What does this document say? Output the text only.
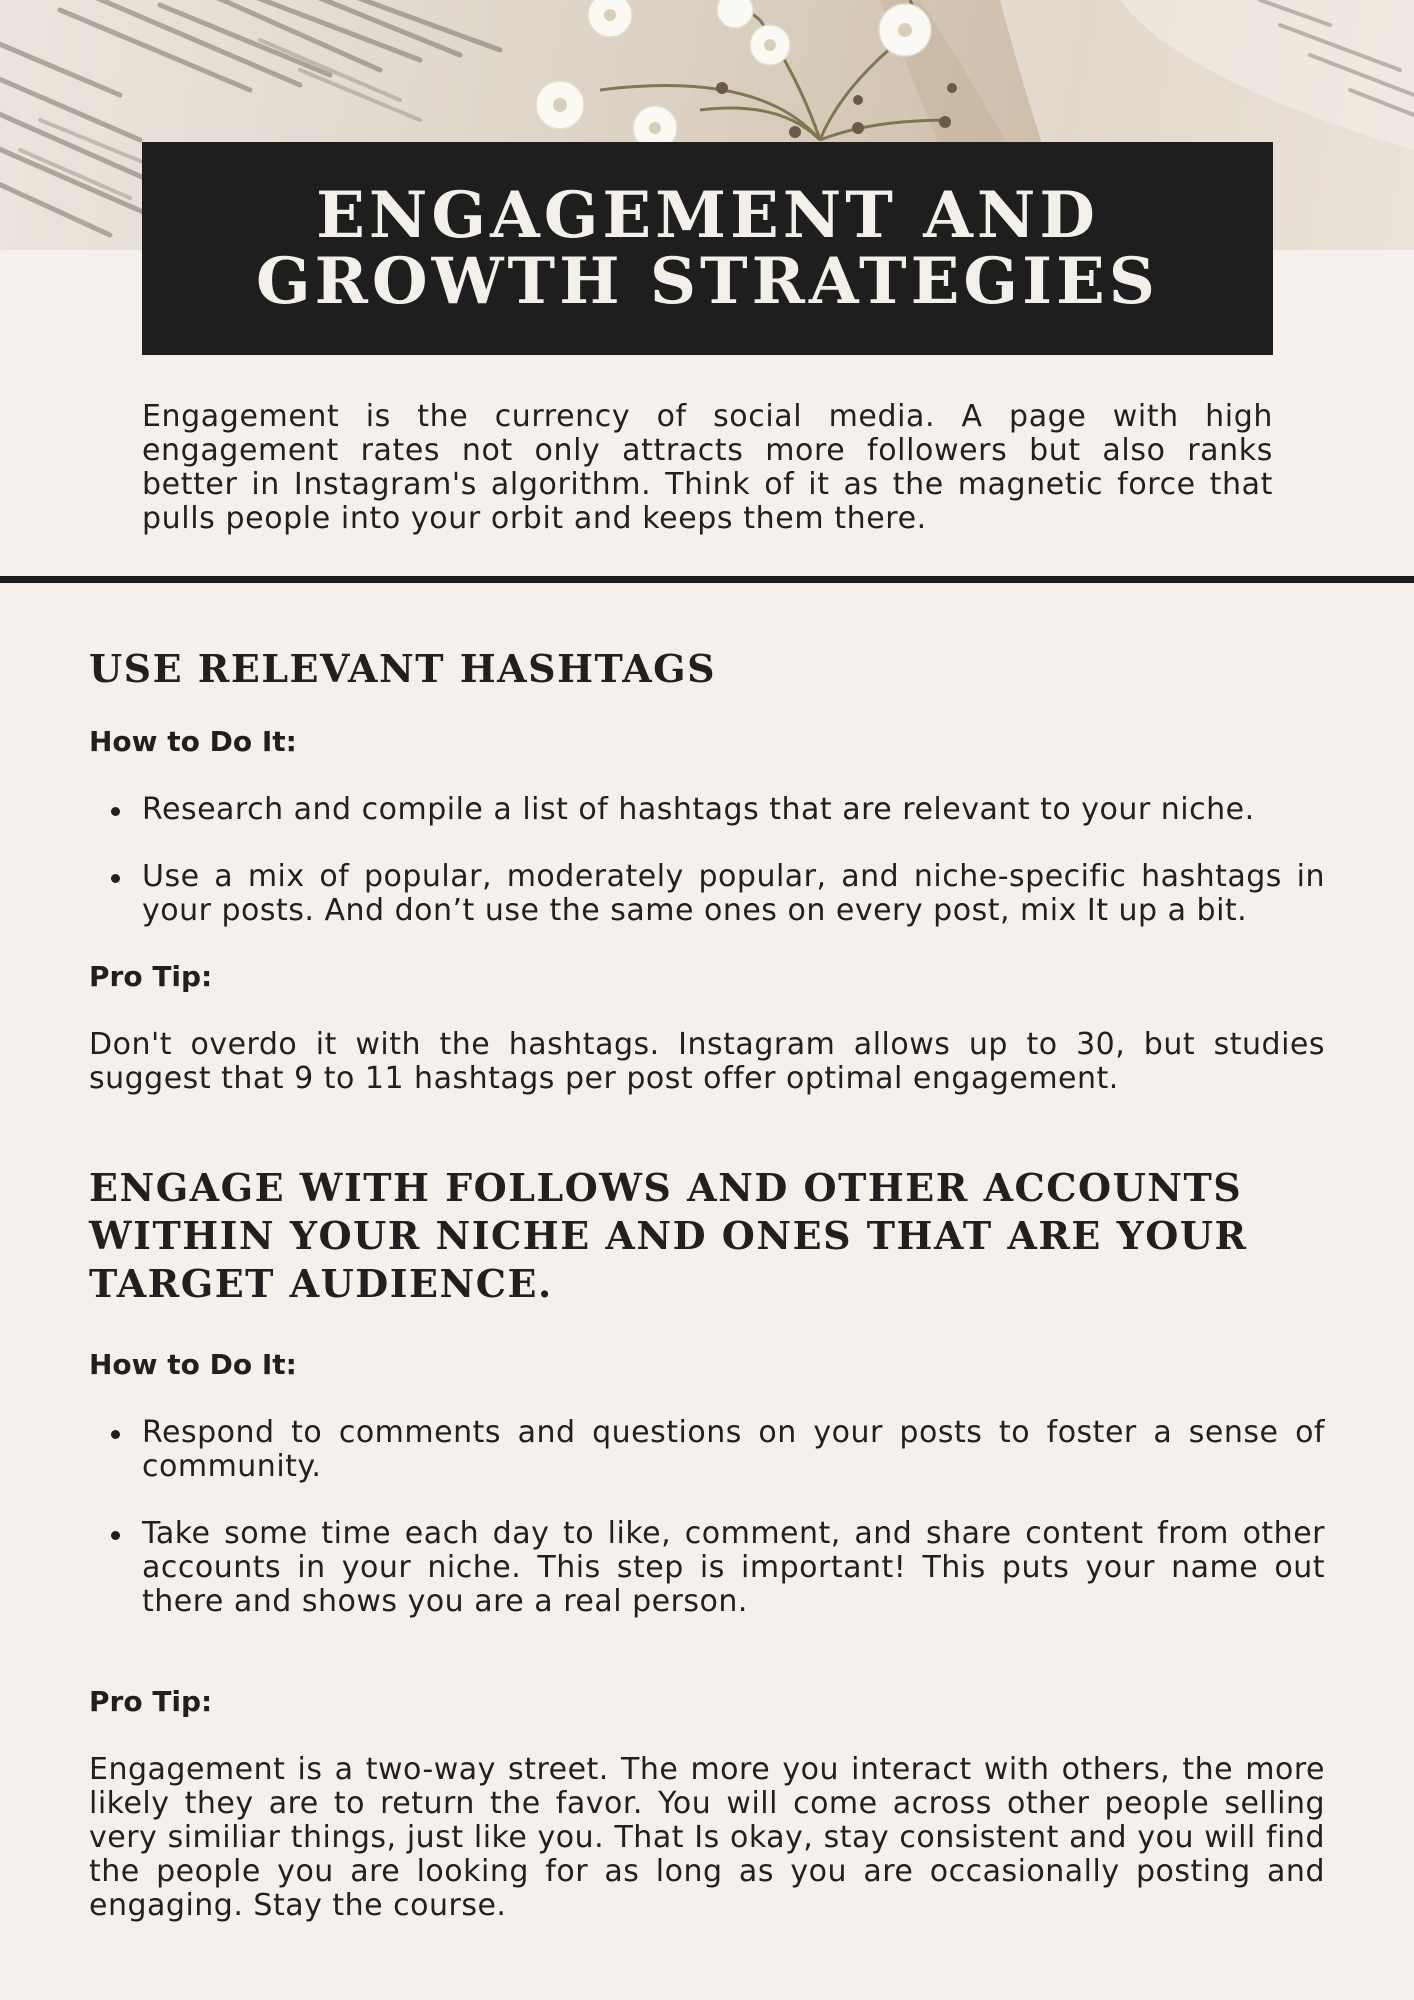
ENGAGEMENT AND
GROWTH STRATEGIES

Engagement is the currency of social media. A page with high engagement rates not only attracts more followers but also ranks better in Instagram's algorithm. Think of it as the magnetic force that pulls people into your orbit and keeps them there.

USE RELEVANT HASHTAGS

How to Do It:

Research and compile a list of hashtags that are relevant to your niche.
Use a mix of popular, moderately popular, and niche-specific hashtags in your posts. And don’t use the same ones on every post, mix It up a bit.

Pro Tip:

Don't overdo it with the hashtags. Instagram allows up to 30, but studies suggest that 9 to 11 hashtags per post offer optimal engagement.

ENGAGE WITH FOLLOWS AND OTHER ACCOUNTS WITHIN YOUR NICHE AND ONES THAT ARE YOUR TARGET AUDIENCE.

How to Do It:

Respond to comments and questions on your posts to foster a sense of community.
Take some time each day to like, comment, and share content from other accounts in your niche. This step is important! This puts your name out there and shows you are a real person.

Pro Tip:

Engagement is a two-way street. The more you interact with others, the more likely they are to return the favor. You will come across other people selling very similiar things, just like you. That Is okay, stay consistent and you will find the people you are looking for as long as you are occasionally posting and engaging. Stay the course.
